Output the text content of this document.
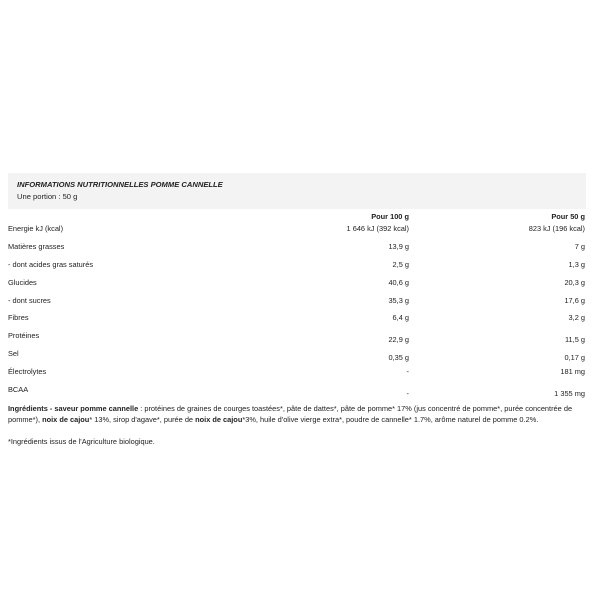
INFORMATIONS NUTRITIONNELLES POMME CANNELLE
Une portion : 50 g
	Pour 100 g	Pour 50 g
Energie kJ (kcal)	1 646 kJ (392 kcal)	823 kJ (196 kcal)
Matières grasses	13,9 g	7 g
- dont acides gras saturés	2,5 g	1,3 g
Glucides	40,6 g	20,3 g
- dont sucres	35,3 g	17,6 g
Fibres	6,4 g	3,2 g
Protéines	22,9 g	11,5 g
Sel	0,35 g	0,17 g
Électrolytes	-	181 mg
BCAA	-	1 355 mg
Ingrédients - saveur pomme cannelle : protéines de graines de courges toastées*, pâte de dattes*, pâte de pomme* 17% (jus concentré de pomme*, purée concentrée de pomme*), noix de cajou* 13%, sirop d'agave*, purée de noix de cajou*3%, huile d'olive vierge extra*, poudre de cannelle* 1.7%, arôme naturel de pomme 0.2%.
*Ingrédients issus de l'Agriculture biologique.
